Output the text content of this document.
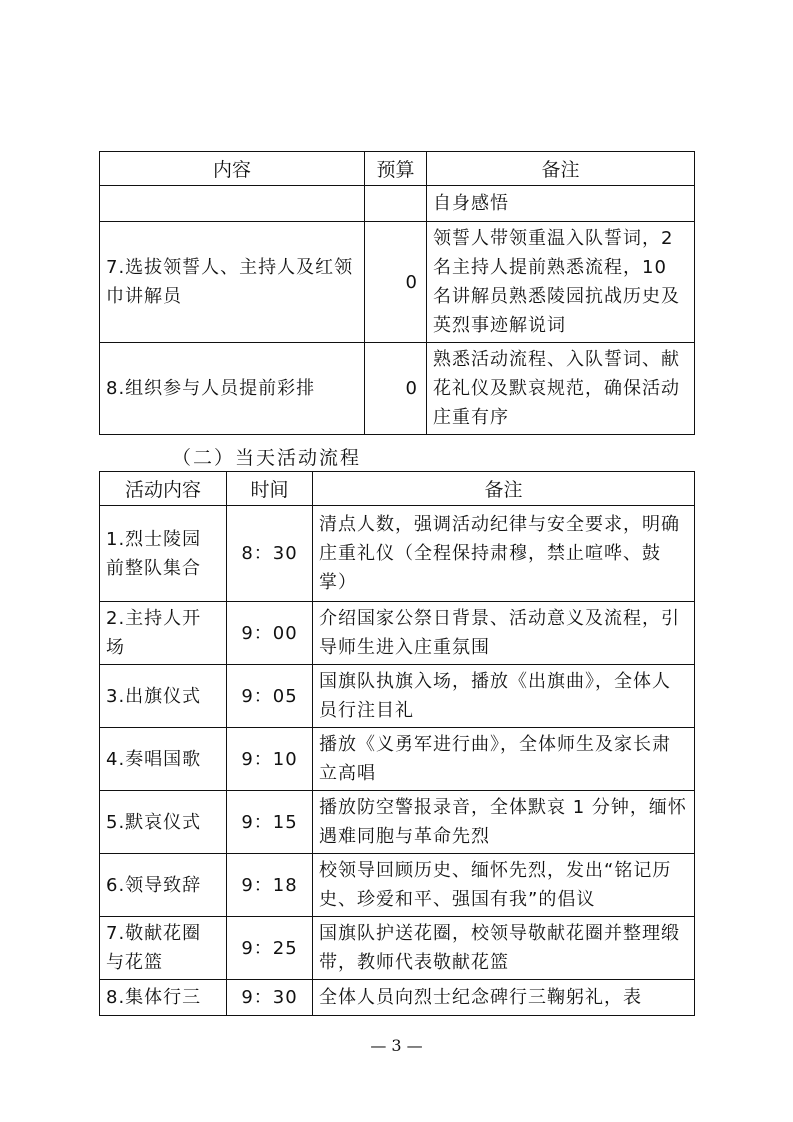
内容	预算	备注
		自身感悟
7.选拔领誓人、主持人及红领巾讲解员	0	领誓人带领重温入队誓词，2 名主持人提前熟悉流程，10 名讲解员熟悉陵园抗战历史及英烈事迹解说词
8.组织参与人员提前彩排	0	熟悉活动流程、入队誓词、献花礼仪及默哀规范，确保活动庄重有序
（二）当天活动流程
活动内容	时间	备注
1.烈士陵园前整队集合	8：30	清点人数，强调活动纪律与安全要求，明确庄重礼仪（全程保持肃穆，禁止喧哗、鼓掌）
2.主持人开场	9：00	介绍国家公祭日背景、活动意义及流程，引导师生进入庄重氛围
3.出旗仪式	9：05	国旗队执旗入场，播放《出旗曲》，全体人员行注目礼
4.奏唱国歌	9：10	播放《义勇军进行曲》，全体师生及家长肃立高唱
5.默哀仪式	9：15	播放防空警报录音，全体默哀 1 分钟，缅怀遇难同胞与革命先烈
6.领导致辞	9：18	校领导回顾历史、缅怀先烈，发出“铭记历史、珍爱和平、强国有我”的倡议
7.敬献花圈与花篮	9：25	国旗队护送花圈，校领导敬献花圈并整理缎带，教师代表敬献花篮
8.集体行三	9：30	全体人员向烈士纪念碑行三鞠躬礼，表
— 3 —
